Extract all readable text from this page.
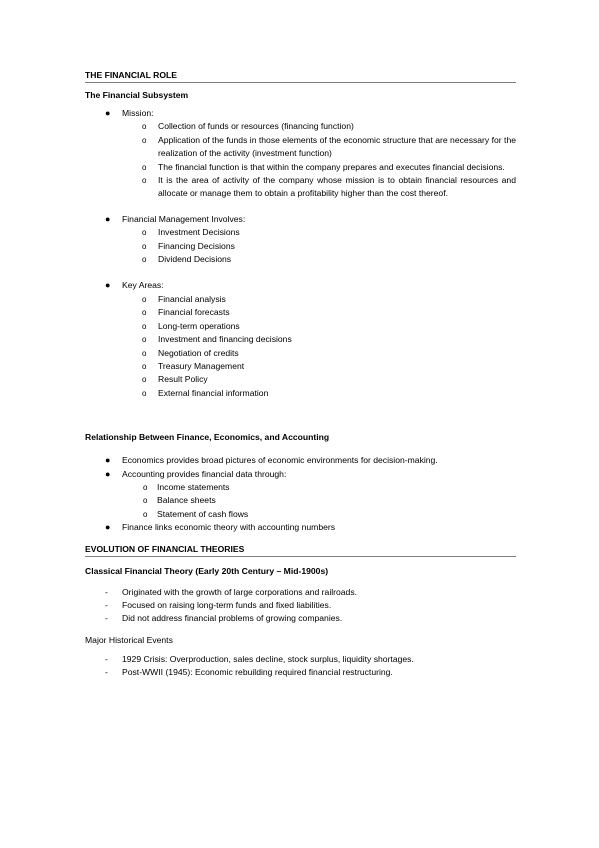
THE FINANCIAL ROLE
The Financial Subsystem
● Mission:
o Collection of funds or resources (financing function)
o Application of the funds in those elements of the economic structure that are necessary for the realization of the activity (investment function)
o The financial function is that within the company prepares and executes financial decisions.
o It is the area of activity of the company whose mission is to obtain financial resources and allocate or manage them to obtain a profitability higher than the cost thereof.
● Financial Management Involves:
o Investment Decisions
o Financing Decisions
o Dividend Decisions
● Key Areas:
o Financial analysis
o Financial forecasts
o Long-term operations
o Investment and financing decisions
o Negotiation of credits
o Treasury Management
o Result Policy
o External financial information
Relationship Between Finance, Economics, and Accounting
● Economics provides broad pictures of economic environments for decision-making.
● Accounting provides financial data through:
o Income statements
o Balance sheets
o Statement of cash flows
● Finance links economic theory with accounting numbers
EVOLUTION OF FINANCIAL THEORIES
Classical Financial Theory (Early 20th Century – Mid-1900s)
- Originated with the growth of large corporations and railroads.
- Focused on raising long-term funds and fixed liabilities.
- Did not address financial problems of growing companies.

Major Historical Events

- 1929 Crisis: Overproduction, sales decline, stock surplus, liquidity shortages.
- Post-WWII (1945): Economic rebuilding required financial restructuring.
